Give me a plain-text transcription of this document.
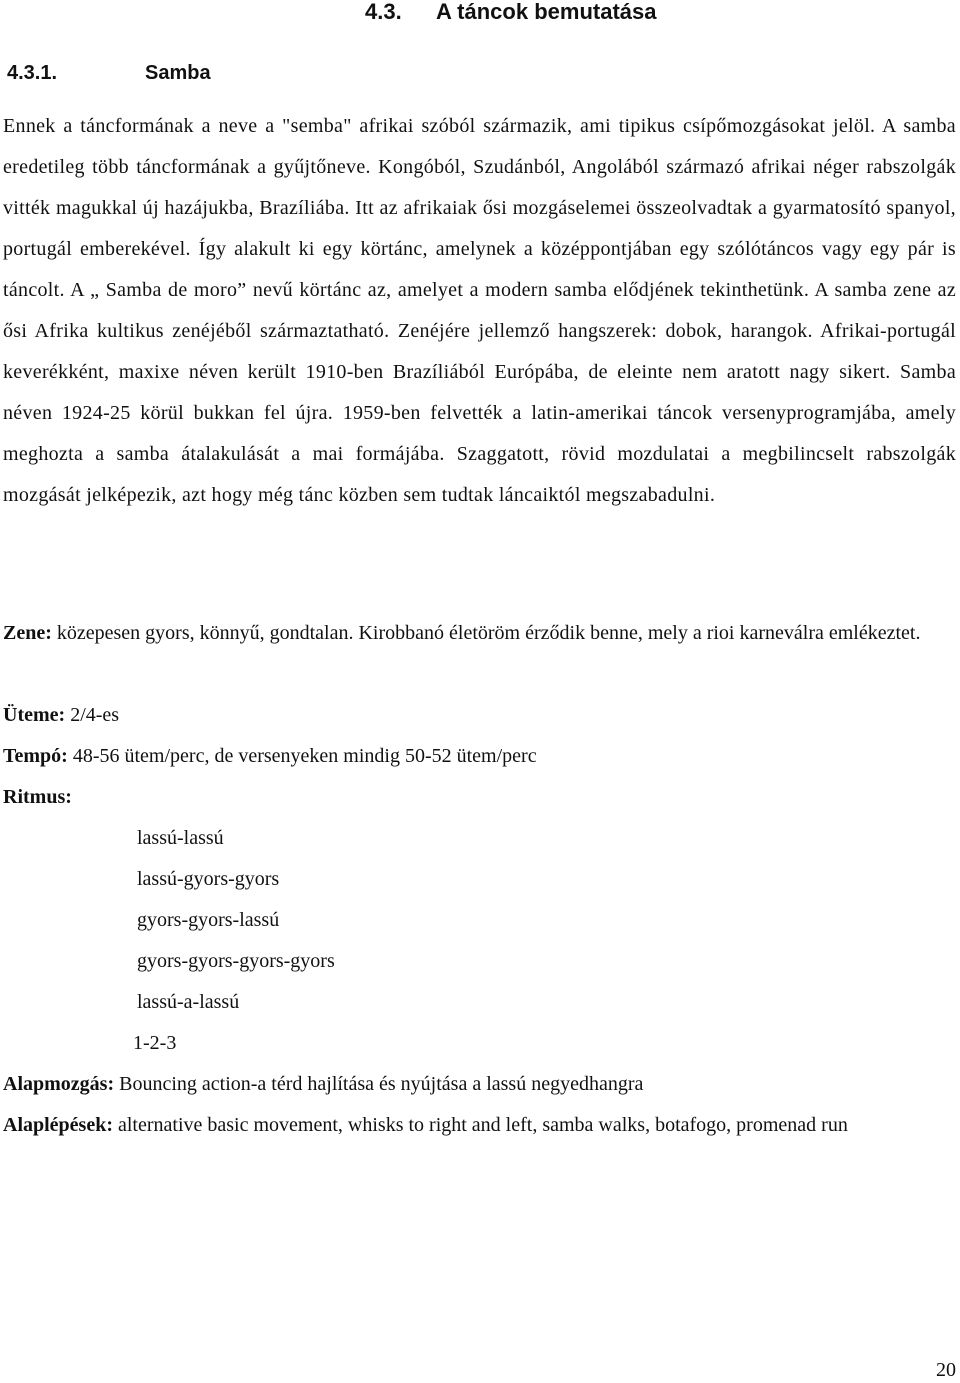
4.3. A táncok bemutatása
4.3.1.	Samba
Ennek a táncformának a neve a "semba" afrikai szóból származik, ami tipikus csípőmozgásokat jelöl. A samba eredetileg több táncformának a gyűjtőneve. Kongóból, Szudánból, Angolából származó afrikai néger rabszolgák vitték magukkal új hazájukba, Brazíliába. Itt az afrikaiak ősi mozgáselemei összeolvadtak a gyarmatosító spanyol, portugál emberekével. Így alakult ki egy körtánc, amelynek a középpontjában egy szólótáncos vagy egy pár is táncolt. A „ Samba de moro” nevű körtánc az, amelyet a modern samba elődjének tekinthetünk. A samba zene az ősi Afrika kultikus zenéjéből származtatható. Zenéjére jellemző hangszerek: dobok, harangok. Afrikai-portugál keverékként, maxixe néven került 1910-ben Brazíliából Európába, de eleinte nem aratott nagy sikert. Samba néven 1924-25 körül bukkan fel újra. 1959-ben felvették a latin-amerikai táncok versenyprogramjába, amely meghozta a samba átalakulását a mai formájába. Szaggatott, rövid mozdulatai a megbilincselt rabszolgák mozgását jelképezik, azt hogy még tánc közben sem tudtak láncaiktól megszabadulni.
Zene: közepesen gyors, könnyű, gondtalan. Kirobbanó életöröm érződik benne, mely a rioi karneválra emlékeztet.
Üteme: 2/4-es
Tempó: 48-56 ütem/perc, de versenyeken mindig 50-52 ütem/perc
Ritmus:
lassú-lassú
lassú-gyors-gyors
gyors-gyors-lassú
gyors-gyors-gyors-gyors
lassú-a-lassú
1-2-3
Alapmozgás: Bouncing action-a térd hajlítása és nyújtása a lassú negyedhangra
Alaplépések: alternative basic movement, whisks to right and left, samba walks, botafogo, promenad run
20
